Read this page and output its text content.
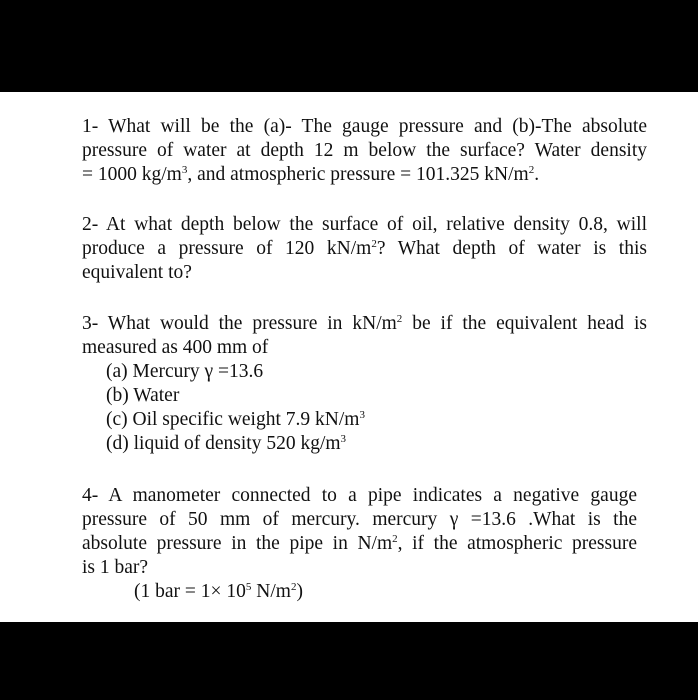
1- What will be the (a)- The gauge pressure and (b)-The absolute
pressure of water at depth 12 m below the surface? Water density
= 1000 $kg/m^3$, and atmospheric pressure = 101.325 $kN/m^2$.
2- At what depth below the surface of oil, relative density 0.8, will
produce a pressure of 120 $kN/m^2$? What depth of water is this
equivalent to?
3- What would the pressure in $kN/m^2$ be if the equivalent head is
measured as 400 mm of
(a) Mercury γ =13.6
(b) Water
(c) Oil specific weight 7.9 $kN/m^3$
(d) liquid of density 520 $kg/m^3$
4- A manometer connected to a pipe indicates a negative gauge
pressure of 50 mm of mercury. mercury γ =13.6 .What is the
absolute pressure in the pipe in $N/m^2$, if the atmospheric pressure
is 1 bar?
(1 bar = $1\times 10^5$ $N/m^2$)
